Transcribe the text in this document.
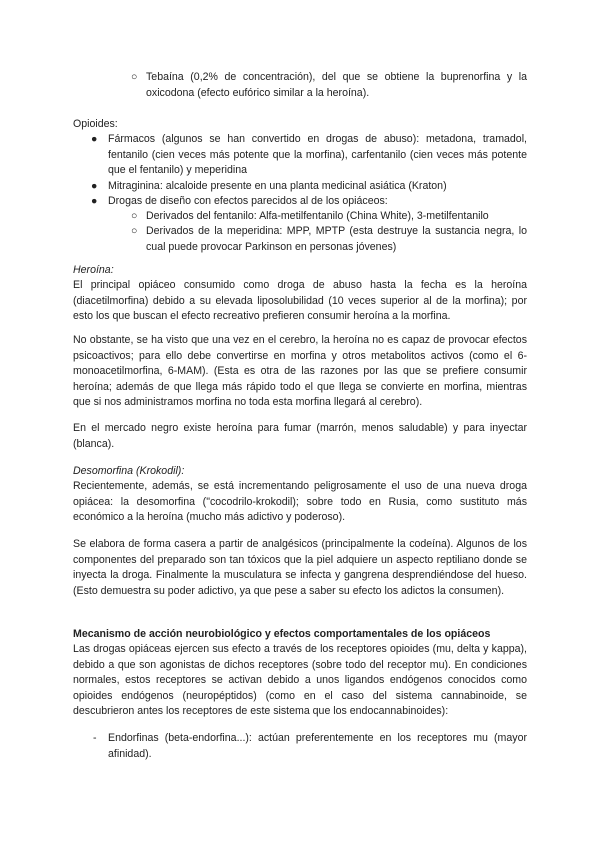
○ Tebaína (0,2% de concentración), del que se obtiene la buprenorfina y la oxicodona (efecto eufórico similar a la heroína).

Opioides:

● Fármacos (algunos se han convertido en drogas de abuso): metadona, tramadol, fentanilo (cien veces más potente que la morfina), carfentanilo (cien veces más potente que el fentanilo) y meperidina

● Mitraginina: alcaloide presente en una planta medicinal asiática (Kraton)

● Drogas de diseño con efectos parecidos al de los opiáceos:

○ Derivados del fentanilo: Alfa-metilfentanilo (China White), 3-metilfentanilo

○ Derivados de la meperidina: MPP, MPTP (esta destruye la sustancia negra, lo cual puede provocar Parkinson en personas jóvenes)

Heroína:

El principal opiáceo consumido como droga de abuso hasta la fecha es la heroína (diacetilmorfina) debido a su elevada liposolubilidad (10 veces superior al de la morfina); por esto los que buscan el efecto recreativo prefieren consumir heroína a la morfina.

No obstante, se ha visto que una vez en el cerebro, la heroína no es capaz de provocar efectos psicoactivos; para ello debe convertirse en morfina y otros metabolitos activos (como el 6-monoacetilmorfina, 6-MAM). (Esta es otra de las razones por las que se prefiere consumir heroína; además de que llega más rápido todo el que llega se convierte en morfina, mientras que si nos administramos morfina no toda esta morfina llegará al cerebro).

En el mercado negro existe heroína para fumar (marrón, menos saludable) y para inyectar (blanca).

Desomorfina (Krokodil):

Recientemente, además, se está incrementando peligrosamente el uso de una nueva droga opiácea: la desomorfina ("cocodrilo-krokodil); sobre todo en Rusia, como sustituto más económico a la heroína (mucho más adictivo y poderoso).

Se elabora de forma casera a partir de analgésicos (principalmente la codeína). Algunos de los componentes del preparado son tan tóxicos que la piel adquiere un aspecto reptiliano donde se inyecta la droga. Finalmente la musculatura se infecta y gangrena desprendiéndose del hueso. (Esto demuestra su poder adictivo, ya que pese a saber su efecto los adictos la consumen).

Mecanismo de acción neurobiológico y efectos comportamentales de los opiáceos

Las drogas opiáceas ejercen sus efecto a través de los receptores opioides (mu, delta y kappa), debido a que son agonistas de dichos receptores (sobre todo del receptor mu). En condiciones normales, estos receptores se activan debido a unos ligandos endógenos conocidos como opioides endógenos (neuropéptidos) (como en el caso del sistema cannabinoide, se descubrieron antes los receptores de este sistema que los endocannabinoides):

- Endorfinas (beta-endorfina...): actúan preferentemente en los receptores mu (mayor afinidad).
